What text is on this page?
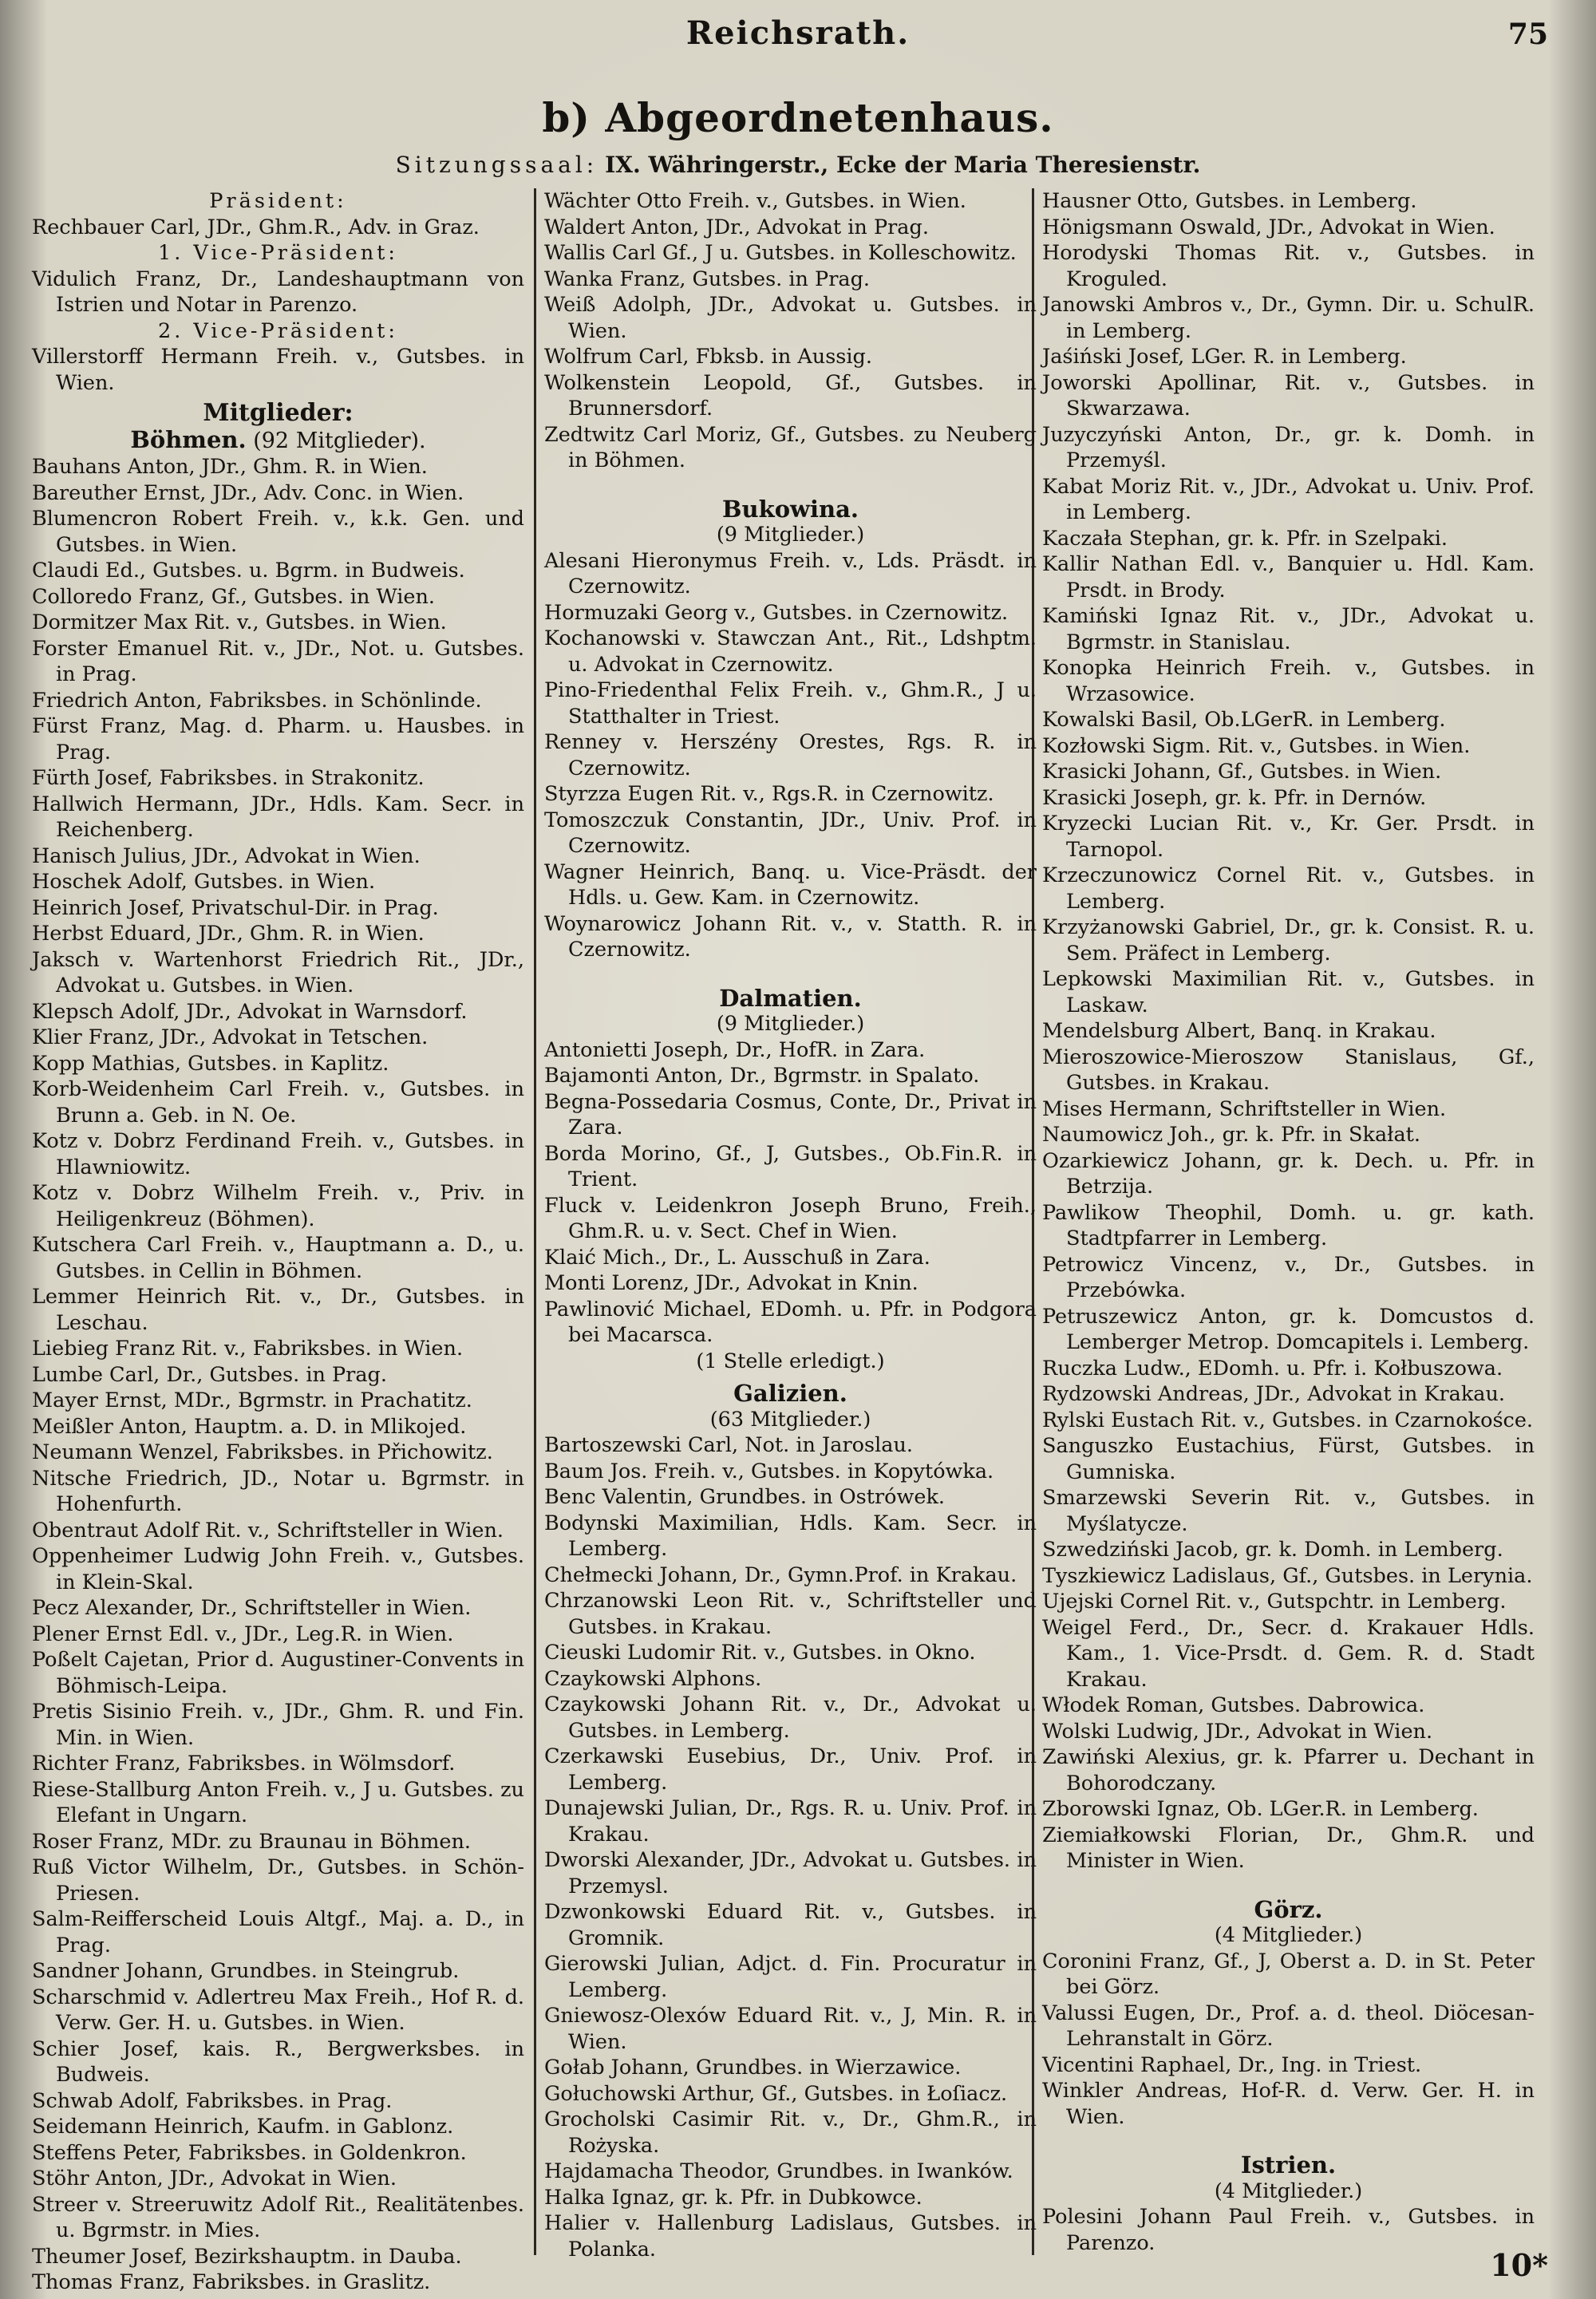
Reichsrath.	75
b) Abgeordnetenhaus.
Sitzungssaal: IX. Währingerstr., Ecke der Maria Theresienstr.
Präsident:

Rechbauer Carl, JDr., Ghm.R., Adv. in Graz.

1. Vice-Präsident:

Vidulich Franz, Dr., Landeshauptmann von Istrien und Notar in Parenzo.

2. Vice-Präsident:

Villerstorff Hermann Freih. v., Gutsbes. in Wien.

Mitglieder:
Böhmen. (92 Mitglieder).

Bauhans Anton, JDr., Ghm. R. in Wien.

Bareuther Ernst, JDr., Adv. Conc. in Wien.

Blumencron Robert Freih. v., k.k. Gen. und Gutsbes. in Wien.

Claudi Ed., Gutsbes. u. Bgrm. in Budweis.

Colloredo Franz, Gf., Gutsbes. in Wien.

Dormitzer Max Rit. v., Gutsbes. in Wien.

Forster Emanuel Rit. v., JDr., Not. u. Gutsbes. in Prag.

Friedrich Anton, Fabriksbes. in Schönlinde.

Fürst Franz, Mag. d. Pharm. u. Hausbes. in Prag.

Fürth Josef, Fabriksbes. in Strakonitz.

Hallwich Hermann, JDr., Hdls. Kam. Secr. in Reichenberg.

Hanisch Julius, JDr., Advokat in Wien.

Hoschek Adolf, Gutsbes. in Wien.

Heinrich Josef, Privatschul-Dir. in Prag.

Herbst Eduard, JDr., Ghm. R. in Wien.

Jaksch v. Wartenhorst Friedrich Rit., JDr., Advokat u. Gutsbes. in Wien.

Klepsch Adolf, JDr., Advokat in Warnsdorf.

Klier Franz, JDr., Advokat in Tetschen.

Kopp Mathias, Gutsbes. in Kaplitz.

Korb-Weidenheim Carl Freih. v., Gutsbes. in Brunn a. Geb. in N. Oe.

Kotz v. Dobrz Ferdinand Freih. v., Gutsbes. in Hlawniowitz.

Kotz v. Dobrz Wilhelm Freih. v., Priv. in Heiligenkreuz (Böhmen).

Kutschera Carl Freih. v., Hauptmann a. D., u. Gutsbes. in Cellin in Böhmen.

Lemmer Heinrich Rit. v., Dr., Gutsbes. in Leschau.

Liebieg Franz Rit. v., Fabriksbes. in Wien.

Lumbe Carl, Dr., Gutsbes. in Prag.

Mayer Ernst, MDr., Bgrmstr. in Prachatitz.

Meißler Anton, Hauptm. a. D. in Mlikojed.

Neumann Wenzel, Fabriksbes. in Přichowitz.

Nitsche Friedrich, JD., Notar u. Bgrmstr. in Hohenfurth.

Obentraut Adolf Rit. v., Schriftsteller in Wien.

Oppenheimer Ludwig John Freih. v., Gutsbes. in Klein-Skal.

Pecz Alexander, Dr., Schriftsteller in Wien.

Plener Ernst Edl. v., JDr., Leg.R. in Wien.

Poßelt Cajetan, Prior d. Augustiner-Convents in Böhmisch-Leipa.

Pretis Sisinio Freih. v., JDr., Ghm. R. und Fin. Min. in Wien.

Richter Franz, Fabriksbes. in Wölmsdorf.

Riese-Stallburg Anton Freih. v., J u. Gutsbes. zu Elefant in Ungarn.

Roser Franz, MDr. zu Braunau in Böhmen.

Ruß Victor Wilhelm, Dr., Gutsbes. in Schön-Priesen.

Salm-Reifferscheid Louis Altgf., Maj. a. D., in Prag.

Sandner Johann, Grundbes. in Steingrub.

Scharschmid v. Adlertreu Max Freih., Hof R. d. Verw. Ger. H. u. Gutsbes. in Wien.

Schier Josef, kais. R., Bergwerksbes. in Budweis.

Schwab Adolf, Fabriksbes. in Prag.

Seidemann Heinrich, Kaufm. in Gablonz.

Steffens Peter, Fabriksbes. in Goldenkron.

Stöhr Anton, JDr., Advokat in Wien.

Streer v. Streeruwitz Adolf Rit., Realitätenbes. u. Bgrmstr. in Mies.

Theumer Josef, Bezirkshauptm. in Dauba.

Thomas Franz, Fabriksbes. in Graslitz.

Wächter Otto Freih. v., Gutsbes. in Wien.

Waldert Anton, JDr., Advokat in Prag.

Wallis Carl Gf., J u. Gutsbes. in Kolleschowitz.

Wanka Franz, Gutsbes. in Prag.

Weiß Adolph, JDr., Advokat u. Gutsbes. in Wien.

Wolfrum Carl, Fbksb. in Aussig.

Wolkenstein Leopold, Gf., Gutsbes. in Brunnersdorf.

Zedtwitz Carl Moriz, Gf., Gutsbes. zu Neuberg in Böhmen.

Bukowina.
(9 Mitglieder.)

Alesani Hieronymus Freih. v., Lds. Präsdt. in Czernowitz.

Hormuzaki Georg v., Gutsbes. in Czernowitz.

Kochanowski v. Stawczan Ant., Rit., Ldshptm. u. Advokat in Czernowitz.

Pino-Friedenthal Felix Freih. v., Ghm.R., J u. Statthalter in Triest.

Renney v. Herszény Orestes, Rgs. R. in Czernowitz.

Styrzza Eugen Rit. v., Rgs.R. in Czernowitz.

Tomoszczuk Constantin, JDr., Univ. Prof. in Czernowitz.

Wagner Heinrich, Banq. u. Vice-Präsdt. der Hdls. u. Gew. Kam. in Czernowitz.

Woynarowicz Johann Rit. v., v. Statth. R. in Czernowitz.

Dalmatien.
(9 Mitglieder.)

Antonietti Joseph, Dr., HofR. in Zara.

Bajamonti Anton, Dr., Bgrmstr. in Spalato.

Begna-Possedaria Cosmus, Conte, Dr., Privat in Zara.

Borda Morino, Gf., J, Gutsbes., Ob.Fin.R. in Trient.

Fluck v. Leidenkron Joseph Bruno, Freih., Ghm.R. u. v. Sect. Chef in Wien.

Klaić Mich., Dr., L. Ausschuß in Zara.

Monti Lorenz, JDr., Advokat in Knin.

Pawlinović Michael, EDomh. u. Pfr. in Podgora bei Macarsca.

(1 Stelle erledigt.)
Galizien.
(63 Mitglieder.)

Bartoszewski Carl, Not. in Jaroslau.

Baum Jos. Freih. v., Gutsbes. in Kopytówka.

Benc Valentin, Grundbes. in Ostrówek.

Bodynski Maximilian, Hdls. Kam. Secr. in Lemberg.

Chełmecki Johann, Dr., Gymn.Prof. in Krakau.

Chrzanowski Leon Rit. v., Schriftsteller und Gutsbes. in Krakau.

Cieuski Ludomir Rit. v., Gutsbes. in Okno.

Czaykowski Alphons.

Czaykowski Johann Rit. v., Dr., Advokat u. Gutsbes. in Lemberg.

Czerkawski Eusebius, Dr., Univ. Prof. in Lemberg.

Dunajewski Julian, Dr., Rgs. R. u. Univ. Prof. in Krakau.

Dworski Alexander, JDr., Advokat u. Gutsbes. in Przemysl.

Dzwonkowski Eduard Rit. v., Gutsbes. in Gromnik.

Gierowski Julian, Adjct. d. Fin. Procuratur in Lemberg.

Gniewosz-Olexów Eduard Rit. v., J, Min. R. in Wien.

Gołab Johann, Grundbes. in Wierzawice.

Gołuchowski Arthur, Gf., Gutsbes. in Łoſiacz.

Grocholski Casimir Rit. v., Dr., Ghm.R., in Rożyska.

Hajdamacha Theodor, Grundbes. in Iwanków.

Halka Ignaz, gr. k. Pfr. in Dubkowce.

Halier v. Hallenburg Ladislaus, Gutsbes. in Polanka.

Hausner Otto, Gutsbes. in Lemberg.

Hönigsmann Oswald, JDr., Advokat in Wien.

Horodyski Thomas Rit. v., Gutsbes. in Kroguled.

Janowski Ambros v., Dr., Gymn. Dir. u. SchulR. in Lemberg.

Jaśiński Josef, LGer. R. in Lemberg.

Joworski Apollinar, Rit. v., Gutsbes. in Skwarzawa.

Juzyczyński Anton, Dr., gr. k. Domh. in Przemyśl.

Kabat Moriz Rit. v., JDr., Advokat u. Univ. Prof. in Lemberg.

Kaczała Stephan, gr. k. Pfr. in Szelpaki.

Kallir Nathan Edl. v., Banquier u. Hdl. Kam. Prsdt. in Brody.

Kamiński Ignaz Rit. v., JDr., Advokat u. Bgrmstr. in Stanislau.

Konopka Heinrich Freih. v., Gutsbes. in Wrzasowice.

Kowalski Basil, Ob.LGerR. in Lemberg.

Kozłowski Sigm. Rit. v., Gutsbes. in Wien.

Krasicki Johann, Gf., Gutsbes. in Wien.

Krasicki Joseph, gr. k. Pfr. in Dernów.

Kryzecki Lucian Rit. v., Kr. Ger. Prsdt. in Tarnopol.

Krzeczunowicz Cornel Rit. v., Gutsbes. in Lemberg.

Krzyżanowski Gabriel, Dr., gr. k. Consist. R. u. Sem. Präfect in Lemberg.

Lepkowski Maximilian Rit. v., Gutsbes. in Laskaw.

Mendelsburg Albert, Banq. in Krakau.

Mieroszowice-Mieroszow Stanislaus, Gf., Gutsbes. in Krakau.

Mises Hermann, Schriftsteller in Wien.

Naumowicz Joh., gr. k. Pfr. in Skałat.

Ozarkiewicz Johann, gr. k. Dech. u. Pfr. in Betrzija.

Pawlikow Theophil, Domh. u. gr. kath. Stadtpfarrer in Lemberg.

Petrowicz Vincenz, v., Dr., Gutsbes. in Przebówka.

Petruszewicz Anton, gr. k. Domcustos d. Lemberger Metrop. Domcapitels i. Lemberg.

Ruczka Ludw., EDomh. u. Pfr. i. Kołbuszowa.

Rydzowski Andreas, JDr., Advokat in Krakau.

Rylski Eustach Rit. v., Gutsbes. in Czarnokośce.

Sanguszko Eustachius, Fürst, Gutsbes. in Gumniska.

Smarzewski Severin Rit. v., Gutsbes. in Myślatycze.

Szwedziński Jacob, gr. k. Domh. in Lemberg.

Tyszkiewicz Ladislaus, Gf., Gutsbes. in Lerynia.

Ujejski Cornel Rit. v., Gutspchtr. in Lemberg.

Weigel Ferd., Dr., Secr. d. Krakauer Hdls. Kam., 1. Vice-Prsdt. d. Gem. R. d. Stadt Krakau.

Włodek Roman, Gutsbes. Dabrowica.

Wolski Ludwig, JDr., Advokat in Wien.

Zawiński Alexius, gr. k. Pfarrer u. Dechant in Bohorodczany.

Zborowski Ignaz, Ob. LGer.R. in Lemberg.

Ziemiałkowski Florian, Dr., Ghm.R. und Minister in Wien.

Görz.
(4 Mitglieder.)

Coronini Franz, Gf., J, Oberst a. D. in St. Peter bei Görz.

Valussi Eugen, Dr., Prof. a. d. theol. Diöcesan-Lehranstalt in Görz.

Vicentini Raphael, Dr., Ing. in Triest.

Winkler Andreas, Hof-R. d. Verw. Ger. H. in Wien.

Istrien.
(4 Mitglieder.)

Polesini Johann Paul Freih. v., Gutsbes. in Parenzo.

10*
